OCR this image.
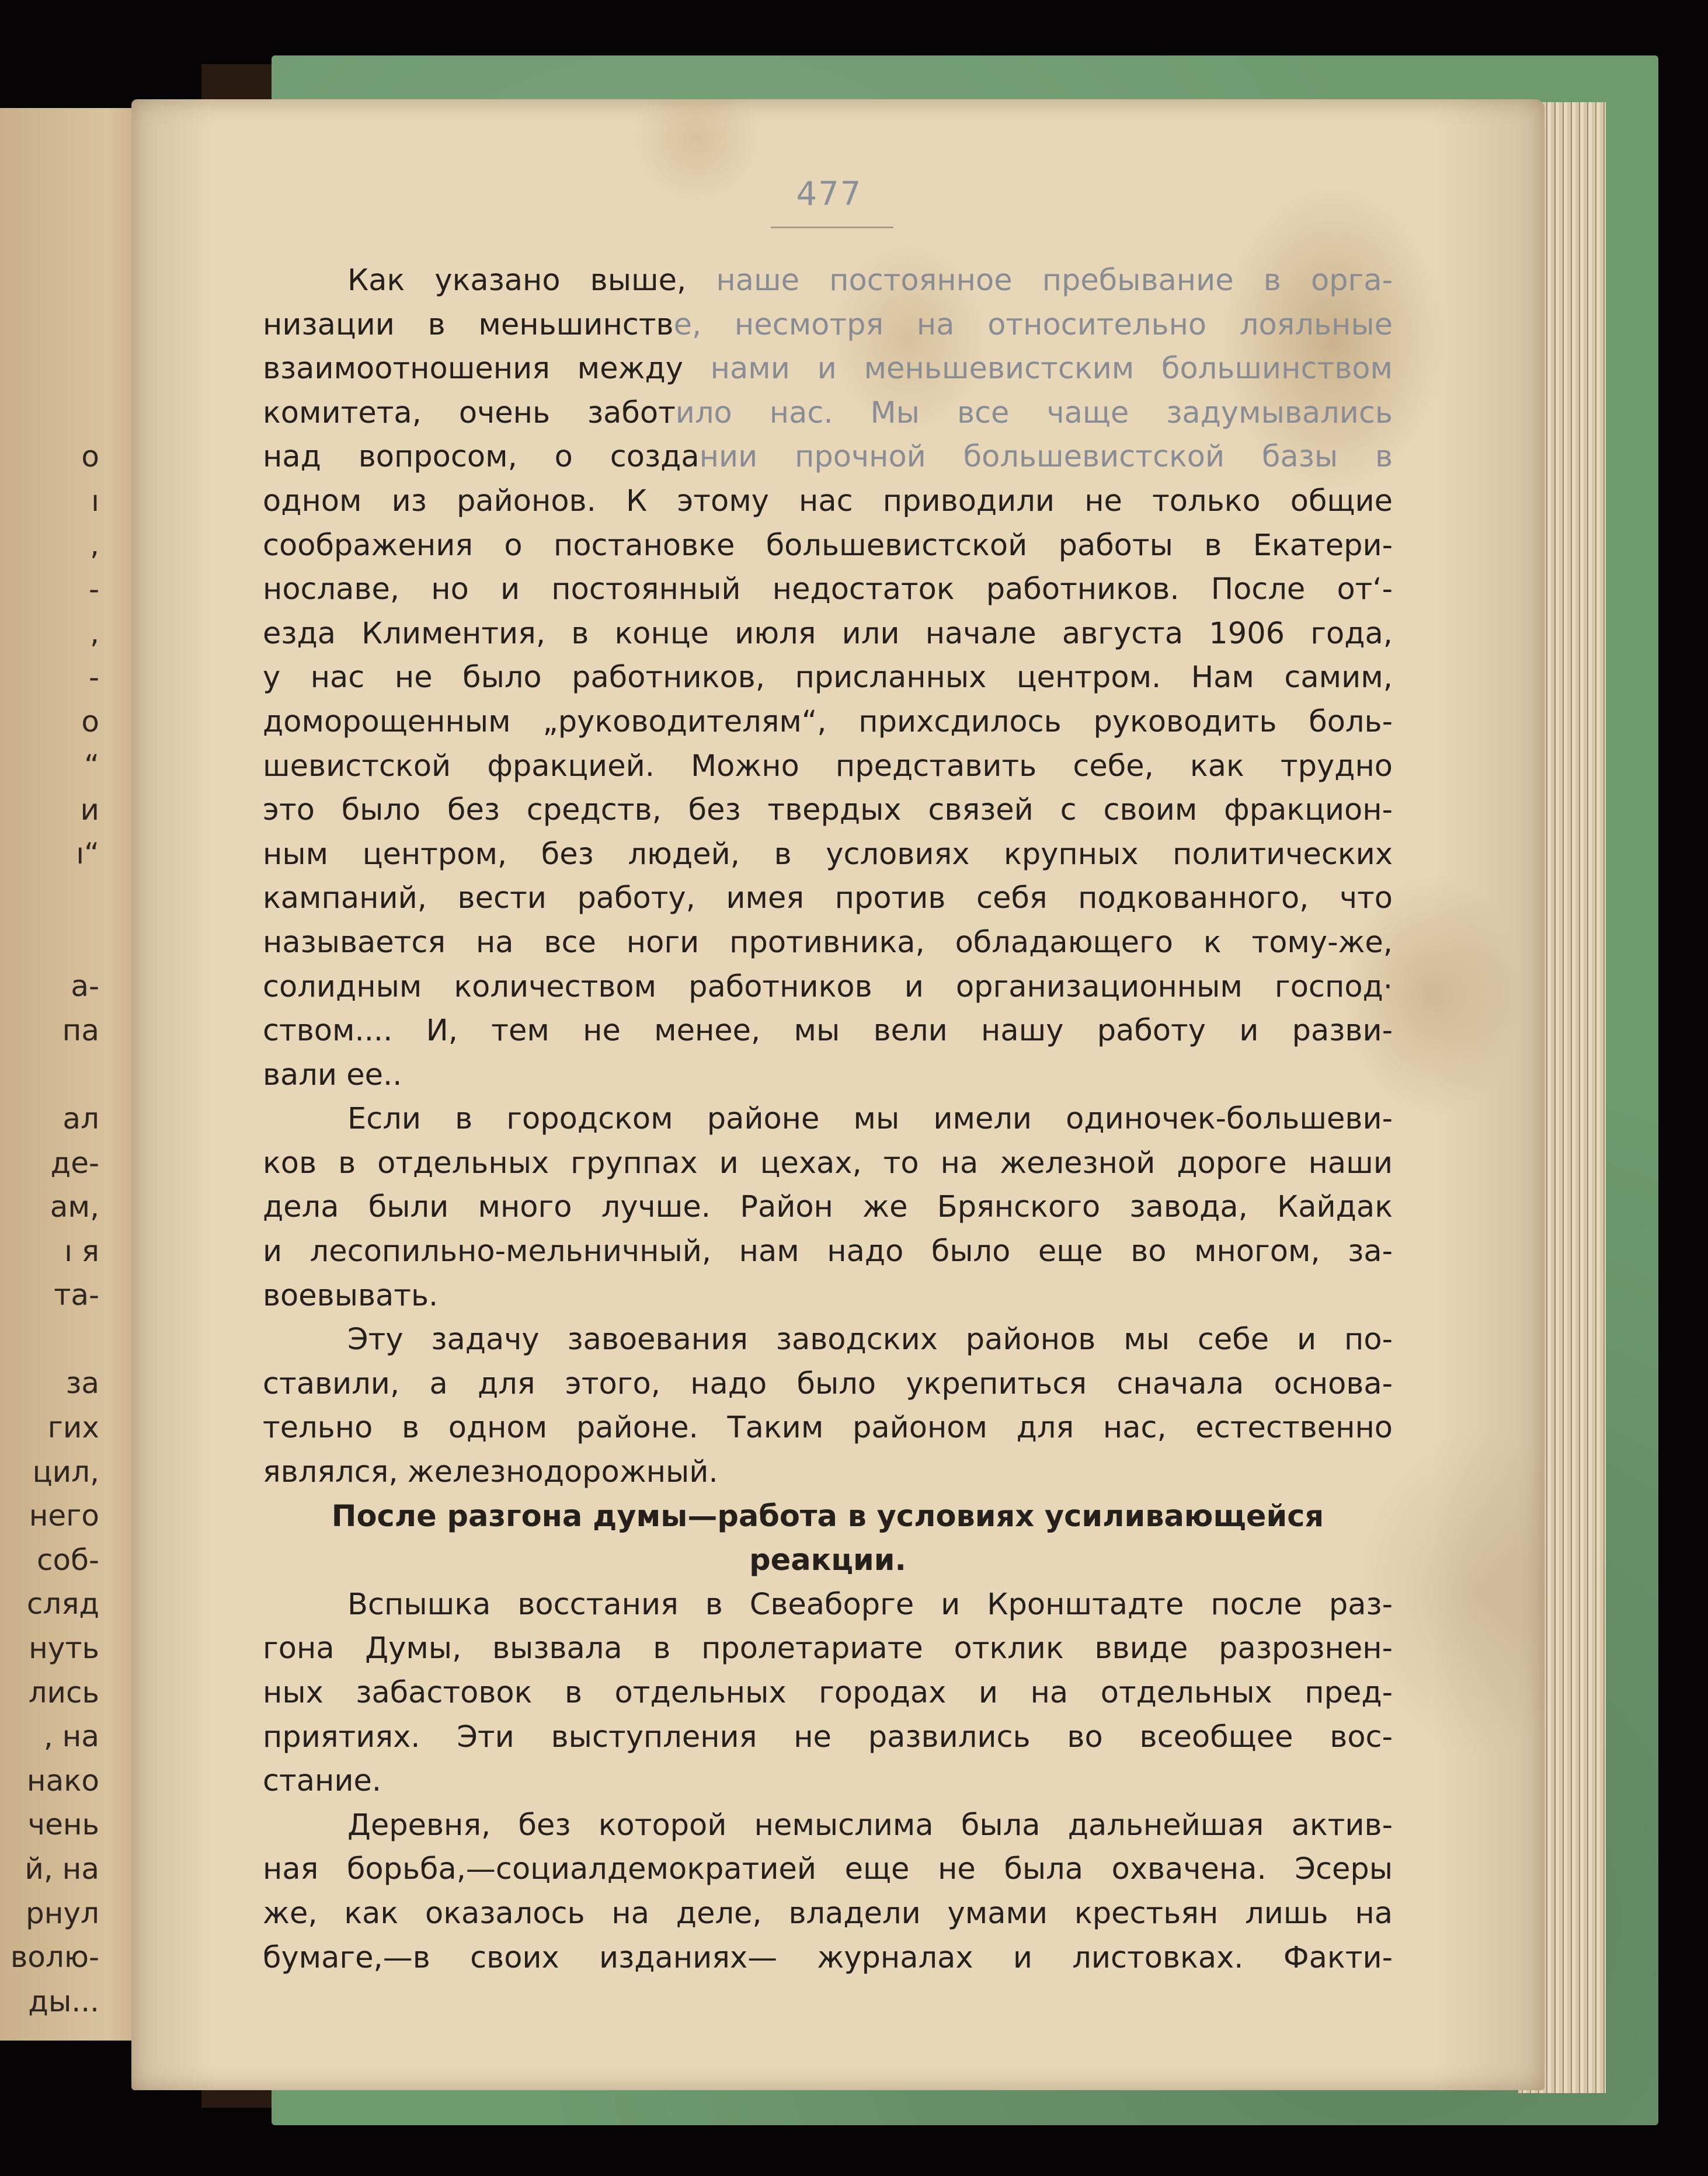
о
ı
,
-
,
-
о
“
и
ı“
а-
па
ал
де-
ам,
ı я
та-
за
гих
цил,
него
соб-
сляд
нуть
лись
, на
нако
чень
й, на
рнул
волю-
ды...
477
Как указано выше, наше постоянное пребывание в орга-
низации в меньшинстве, несмотря на относительно лояльные
взаимоотношения между нами и меньшевистским большинством
комитета, очень заботило нас. Мы все чаще задумывались
над вопросом, о создании прочной большевистской базы в
одном из районов. К этому нас приводили не только общие
соображения о постановке большевистской работы в Екатери-
нославе, но и постоянный недостаток работников. После от‘-
езда Климентия, в конце июля или начале августа 1906 года,
у нас не было работников, присланных центром. Нам самим,
доморощенным „руководителям“, прихсдилось руководить боль-
шевистской фракцией. Можно представить себе, как трудно
это было без средств, без твердых связей с своим фракцион-
ным центром, без людей, в условиях крупных политических
кампаний, вести работу, имея против себя подкованного, что
называется на все ноги противника, обладающего к тому-же,
солидным количеством работников и организационным господ·
ством.... И, тем не менее, мы вели нашу работу и разви-
вали ее..
Если в городском районе мы имели одиночек-большеви-
ков в отдельных группах и цехах, то на железной дороге наши
дела были много лучше. Район же Брянского завода, Кайдак
и лесопильно-мельничный, нам надо было еще во многом, за-
воевывать.
Эту задачу завоевания заводских районов мы себе и по-
ставили, а для этого, надо было укрепиться сначала основа-
тельно в одном районе. Таким районом для нас, естественно
являлся, железнодорожный.
После разгона думы—работа в условиях усиливающейся
реакции.
Вспышка восстания в Свеаборге и Кронштадте после раз-
гона Думы, вызвала в пролетариате отклик ввиде разрознен-
ных забастовок в отдельных городах и на отдельных пред-
приятиях. Эти выступления не развились во всеобщее вос-
стание.
Деревня, без которой немыслима была дальнейшая актив-
ная борьба,—социалдемократией еще не была охвачена. Эсеры
же, как оказалось на деле, владели умами крестьян лишь на
бумаге,—в своих изданиях— журналах и листовках. Факти-
